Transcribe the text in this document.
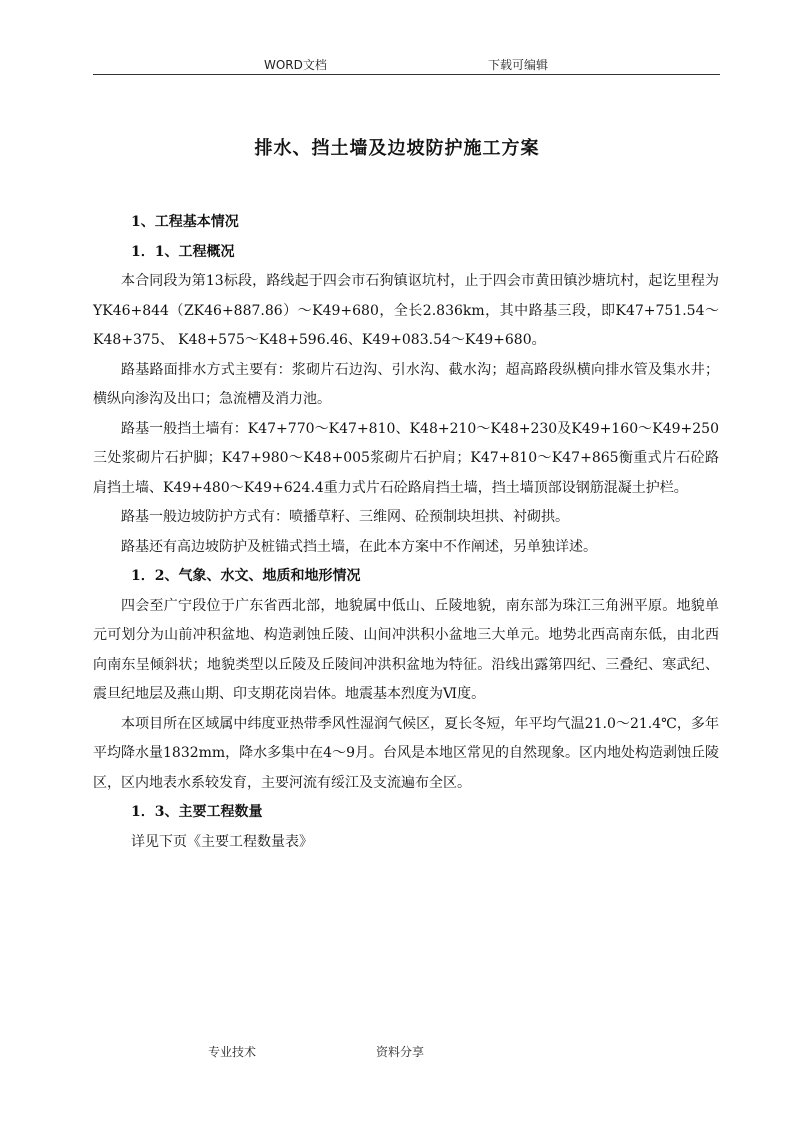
WORD文档	下载可编辑
排水、挡土墙及边坡防护施工方案

1、工程基本情况

1．1、工程概况

本合同段为第13标段，路线起于四会市石狗镇讴坑村，止于四会市黄田镇沙塘坑村，起讫里程为YK46+844（ZK46+887.86）～K49+680，全长2.836km，其中路基三段，即K47+751.54～K48+375、 K48+575～K48+596.46、K49+083.54～K49+680。

路基路面排水方式主要有：浆砌片石边沟、引水沟、截水沟；超高路段纵横向排水管及集水井；横纵向渗沟及出口；急流槽及消力池。

路基一般挡土墙有：K47+770～K47+810、K48+210～K48+230及K49+160～K49+250三处浆砌片石护脚；K47+980～K48+005浆砌片石护肩；K47+810～K47+865衡重式片石砼路肩挡土墙、K49+480～K49+624.4重力式片石砼路肩挡土墙，挡土墙顶部设钢筋混凝土护栏。

路基一般边坡防护方式有：喷播草籽、三维网、砼预制块坦拱、衬砌拱。

路基还有高边坡防护及桩锚式挡土墙，在此本方案中不作阐述，另单独详述。

1．2、气象、水文、地质和地形情况

四会至广宁段位于广东省西北部，地貌属中低山、丘陵地貌，南东部为珠江三角洲平原。地貌单元可划分为山前冲积盆地、构造剥蚀丘陵、山间冲洪积小盆地三大单元。地势北西高南东低，由北西向南东呈倾斜状；地貌类型以丘陵及丘陵间冲洪积盆地为特征。沿线出露第四纪、三叠纪、寒武纪、震旦纪地层及燕山期、印支期花岗岩体。地震基本烈度为Ⅵ度。

本项目所在区域属中纬度亚热带季风性湿润气候区，夏长冬短，年平均气温21.0～21.4℃，多年平均降水量1832mm，降水多集中在4～9月。台风是本地区常见的自然现象。区内地处构造剥蚀丘陵区，区内地表水系较发育，主要河流有绥江及支流遍布全区。

1．3、主要工程数量

详见下页《主要工程数量表》

专业技术	资料分享
